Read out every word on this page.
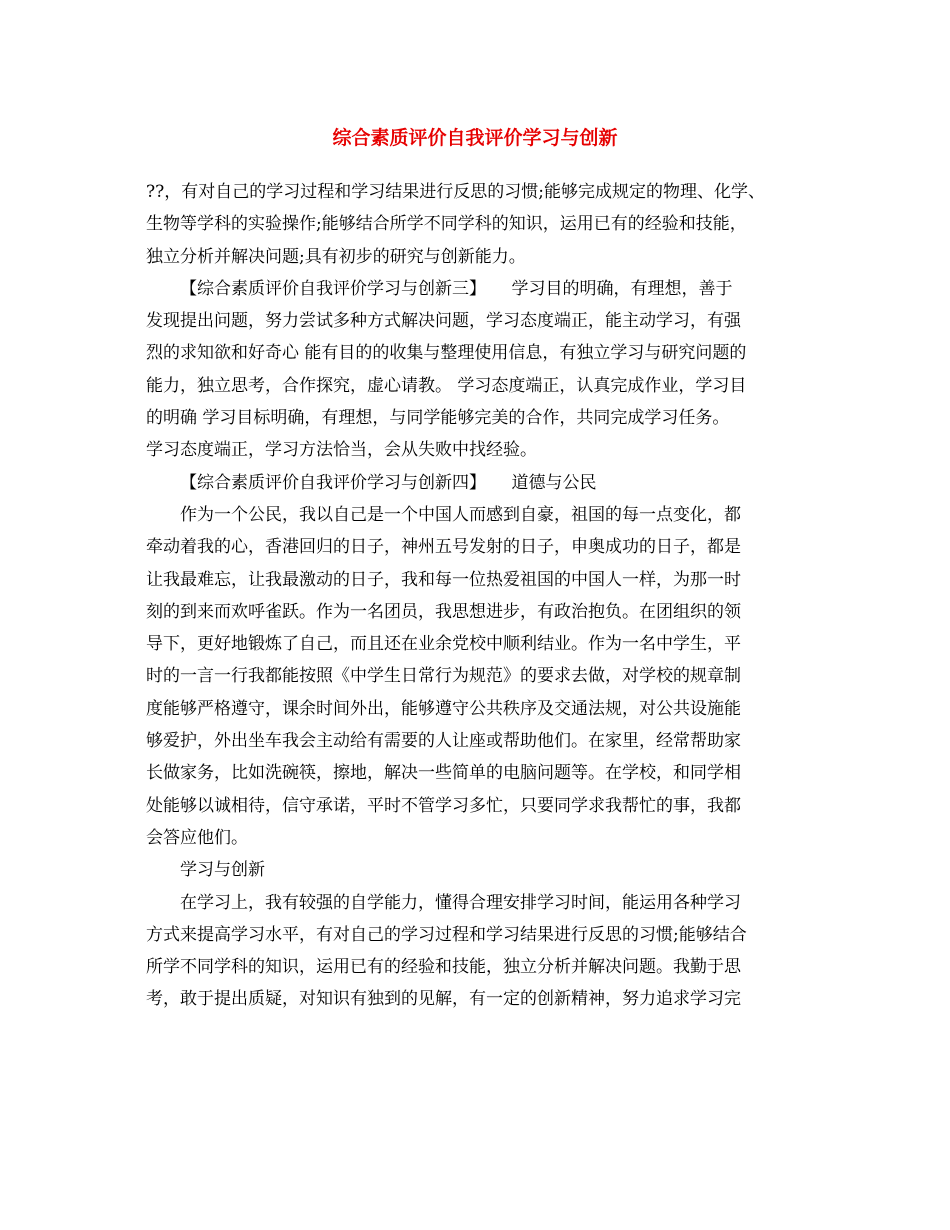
综合素质评价自我评价学习与创新
??，有对自己的学习过程和学习结果进行反思的习惯;能够完成规定的物理、化学、
生物等学科的实验操作;能够结合所学不同学科的知识，运用已有的经验和技能，
独立分析并解决问题;具有初步的研究与创新能力。
【综合素质评价自我评价学习与创新三】　　学习目的明确，有理想，善于
发现提出问题，努力尝试多种方式解决问题，学习态度端正，能主动学习，有强
烈的求知欲和好奇心 能有目的的收集与整理使用信息，有独立学习与研究问题的
能力，独立思考，合作探究，虚心请教。 学习态度端正，认真完成作业，学习目
的明确 学习目标明确，有理想，与同学能够完美的合作，共同完成学习任务。
学习态度端正，学习方法恰当，会从失败中找经验。
【综合素质评价自我评价学习与创新四】　　道德与公民
作为一个公民，我以自己是一个中国人而感到自豪，祖国的每一点变化，都
牵动着我的心，香港回归的日子，神州五号发射的日子，申奥成功的日子，都是
让我最难忘，让我最激动的日子，我和每一位热爱祖国的中国人一样，为那一时
刻的到来而欢呼雀跃。作为一名团员，我思想进步，有政治抱负。在团组织的领
导下，更好地锻炼了自己，而且还在业余党校中顺利结业。作为一名中学生，平
时的一言一行我都能按照《中学生日常行为规范》的要求去做，对学校的规章制
度能够严格遵守，课余时间外出，能够遵守公共秩序及交通法规，对公共设施能
够爱护，外出坐车我会主动给有需要的人让座或帮助他们。在家里，经常帮助家
长做家务，比如洗碗筷，擦地，解决一些简单的电脑问题等。在学校，和同学相
处能够以诚相待，信守承诺，平时不管学习多忙，只要同学求我帮忙的事，我都
会答应他们。
学习与创新
在学习上，我有较强的自学能力，懂得合理安排学习时间，能运用各种学习
方式来提高学习水平，有对自己的学习过程和学习结果进行反思的习惯;能够结合
所学不同学科的知识，运用已有的经验和技能，独立分析并解决问题。我勤于思
考，敢于提出质疑，对知识有独到的见解，有一定的创新精神，努力追求学习完
